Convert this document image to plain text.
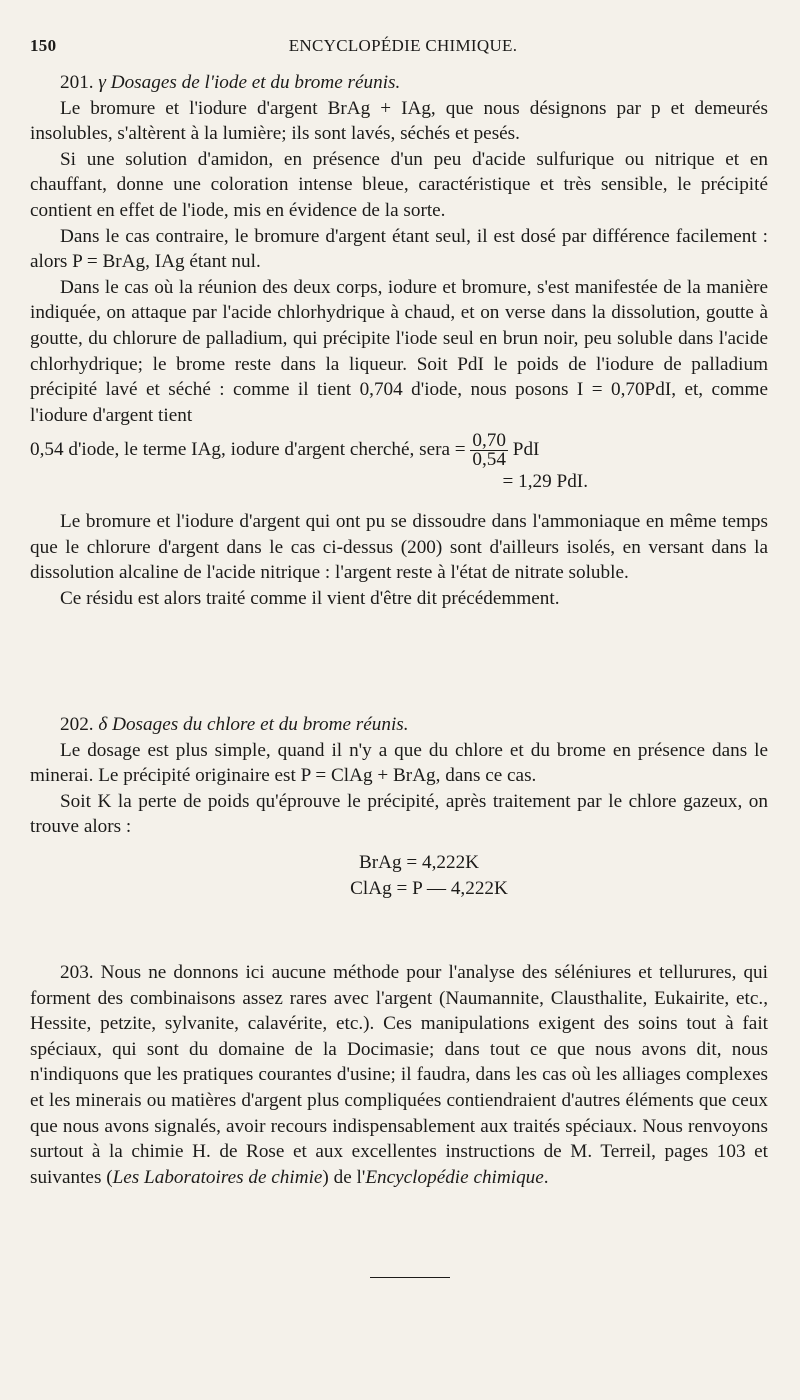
150	ENCYCLOPÉDIE CHIMIQUE.

201. γ Dosages de l'iode et du brome réunis.

Le bromure et l'iodure d'argent BrAg + IAg, que nous désignons par p et demeurés insolubles, s'altèrent à la lumière; ils sont lavés, séchés et pesés.

Si une solution d'amidon, en présence d'un peu d'acide sulfurique ou nitrique et en chauffant, donne une coloration intense bleue, caractéristique et très sensible, le précipité contient en effet de l'iode, mis en évidence de la sorte.

Dans le cas contraire, le bromure d'argent étant seul, il est dosé par différence facilement : alors P = BrAg, IAg étant nul.

Dans le cas où la réunion des deux corps, iodure et bromure, s'est manifestée de la manière indiquée, on attaque par l'acide chlorhydrique à chaud, et on verse dans la dissolution, goutte à goutte, du chlorure de palladium, qui précipite l'iode seul en brun noir, peu soluble dans l'acide chlorhydrique; le brome reste dans la liqueur. Soit PdI le poids de l'iodure de palladium précipité lavé et séché : comme il tient 0,704 d'iode, nous posons I = 0,70PdI, et, comme l'iodure d'argent tient

0,54 d'iode, le terme IAg, iodure d'argent cherché, sera = $\frac{0,70}{0,54}$ PdI
= 1,29 PdI.

Le bromure et l'iodure d'argent qui ont pu se dissoudre dans l'ammoniaque en même temps que le chlorure d'argent dans le cas ci-dessus (200) sont d'ailleurs isolés, en versant dans la dissolution alcaline de l'acide nitrique : l'argent reste à l'état de nitrate soluble.

Ce résidu est alors traité comme il vient d'être dit précédemment.

202. δ Dosages du chlore et du brome réunis.

Le dosage est plus simple, quand il n'y a que du chlore et du brome en présence dans le minerai. Le précipité originaire est P = ClAg + BrAg, dans ce cas.

Soit K la perte de poids qu'éprouve le précipité, après traitement par le chlore gazeux, on trouve alors :

BrAg = 4,222K
ClAg = P — 4,222K

203. Nous ne donnons ici aucune méthode pour l'analyse des séléniures et tellurures, qui forment des combinaisons assez rares avec l'argent (Naumannite, Clausthalite, Eukairite, etc., Hessite, petzite, sylvanite, calavérite, etc.). Ces manipulations exigent des soins tout à fait spéciaux, qui sont du domaine de la Docimasie; dans tout ce que nous avons dit, nous n'indiquons que les pratiques courantes d'usine; il faudra, dans les cas où les alliages complexes et les minerais ou matières d'argent plus compliquées contiendraient d'autres éléments que ceux que nous avons signalés, avoir recours indispensablement aux traités spéciaux. Nous renvoyons surtout à la chimie H. de Rose et aux excellentes instructions de M. Terreil, pages 103 et suivantes (Les Laboratoires de chimie) de l'Encyclopédie chimique.
